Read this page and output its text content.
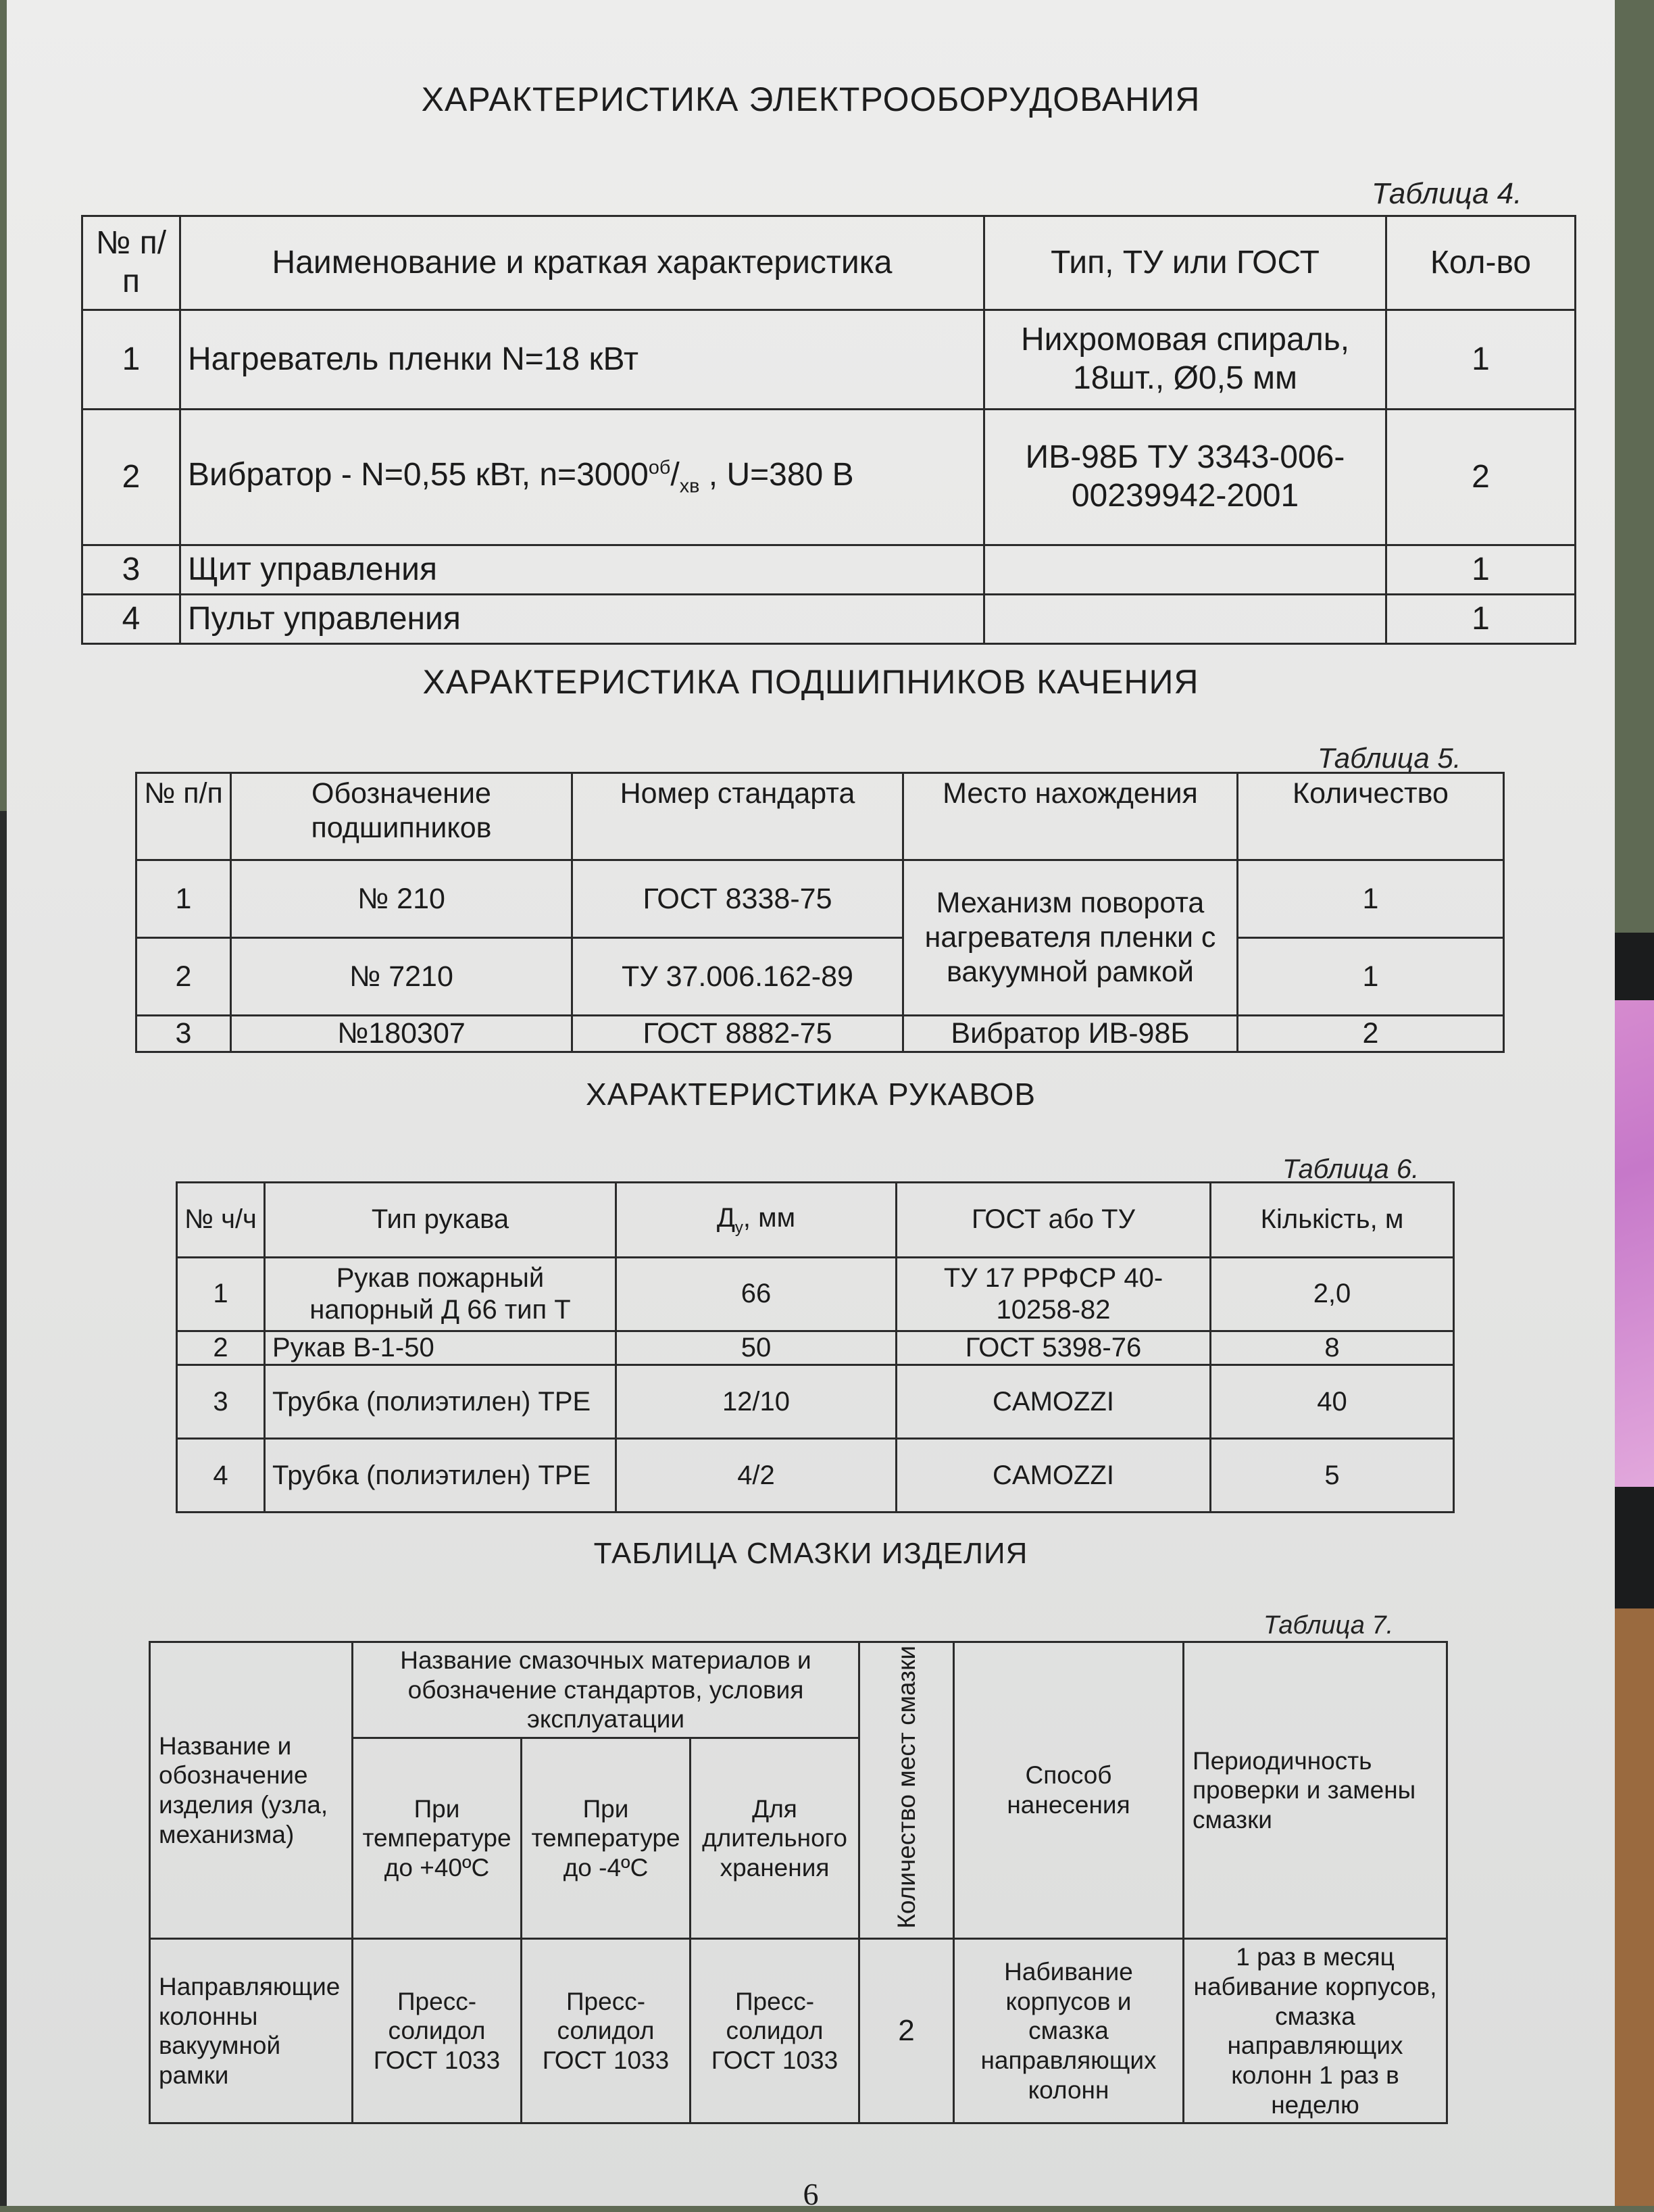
ХАРАКТЕРИСТИКА ЭЛЕКТРООБОРУДОВАНИЯ
Таблица 4.
№ п/п	Наименование и краткая характеристика	Тип, ТУ или ГОСТ	Кол-во
1	Нагреватель пленки N=18 кВт	Нихромовая спираль, 18шт., Ø0,5 мм	1
2	Вибратор - N=0,55 кВт, $n=3000^{об}/_{хв}$ , U=380 В	ИВ-98Б ТУ 3343-006-00239942-2001	2
3	Щит управления		1
4	Пульт управления		1
ХАРАКТЕРИСТИКА ПОДШИПНИКОВ КАЧЕНИЯ
Таблица 5.
№ п/п	Обозначение подшипников	Номер стандарта	Место нахождения	Количество
1	№ 210	ГОСТ 8338-75	Механизм поворота нагревателя пленки с вакуумной рамкой	1
2	№ 7210	ТУ 37.006.162-89		1
3	№180307	ГОСТ 8882-75	Вибратор ИВ-98Б	2
ХАРАКТЕРИСТИКА РУКАВОВ
Таблица 6.
№ ч/ч	Тип рукава	$Д_у$, мм	ГОСТ або ТУ	Кількість, м
1	Рукав пожарный напорный Д 66 тип Т	66	ТУ 17 РРФСР 40-10258-82	2,0
2	Рукав В-1-50	50	ГОСТ 5398-76	8
3	Трубка (полиэтилен) TPE	12/10	CAMOZZI	40
4	Трубка (полиэтилен) TPE	4/2	CAMOZZI	5
ТАБЛИЦА СМАЗКИ ИЗДЕЛИЯ
Таблица 7.
Название и обозначение изделия (узла, механизма)	Название смазочных материалов и обозначение стандартов, условия эксплуатации			Количество мест смазки	Способ нанесения	Периодичность проверки и замены смазки
	При температуре до +40ºС	При температуре до -4ºС	Для длительного хранения			
Направляющие колонны вакуумной рамки	Пресс-солидол ГОСТ 1033	Пресс-солидол ГОСТ 1033	Пресс-солидол ГОСТ 1033	2	Набивание корпусов и смазка направляющих колонн	1 раз в месяц набивание корпусов, смазка направляющих колонн 1 раз в неделю
6
